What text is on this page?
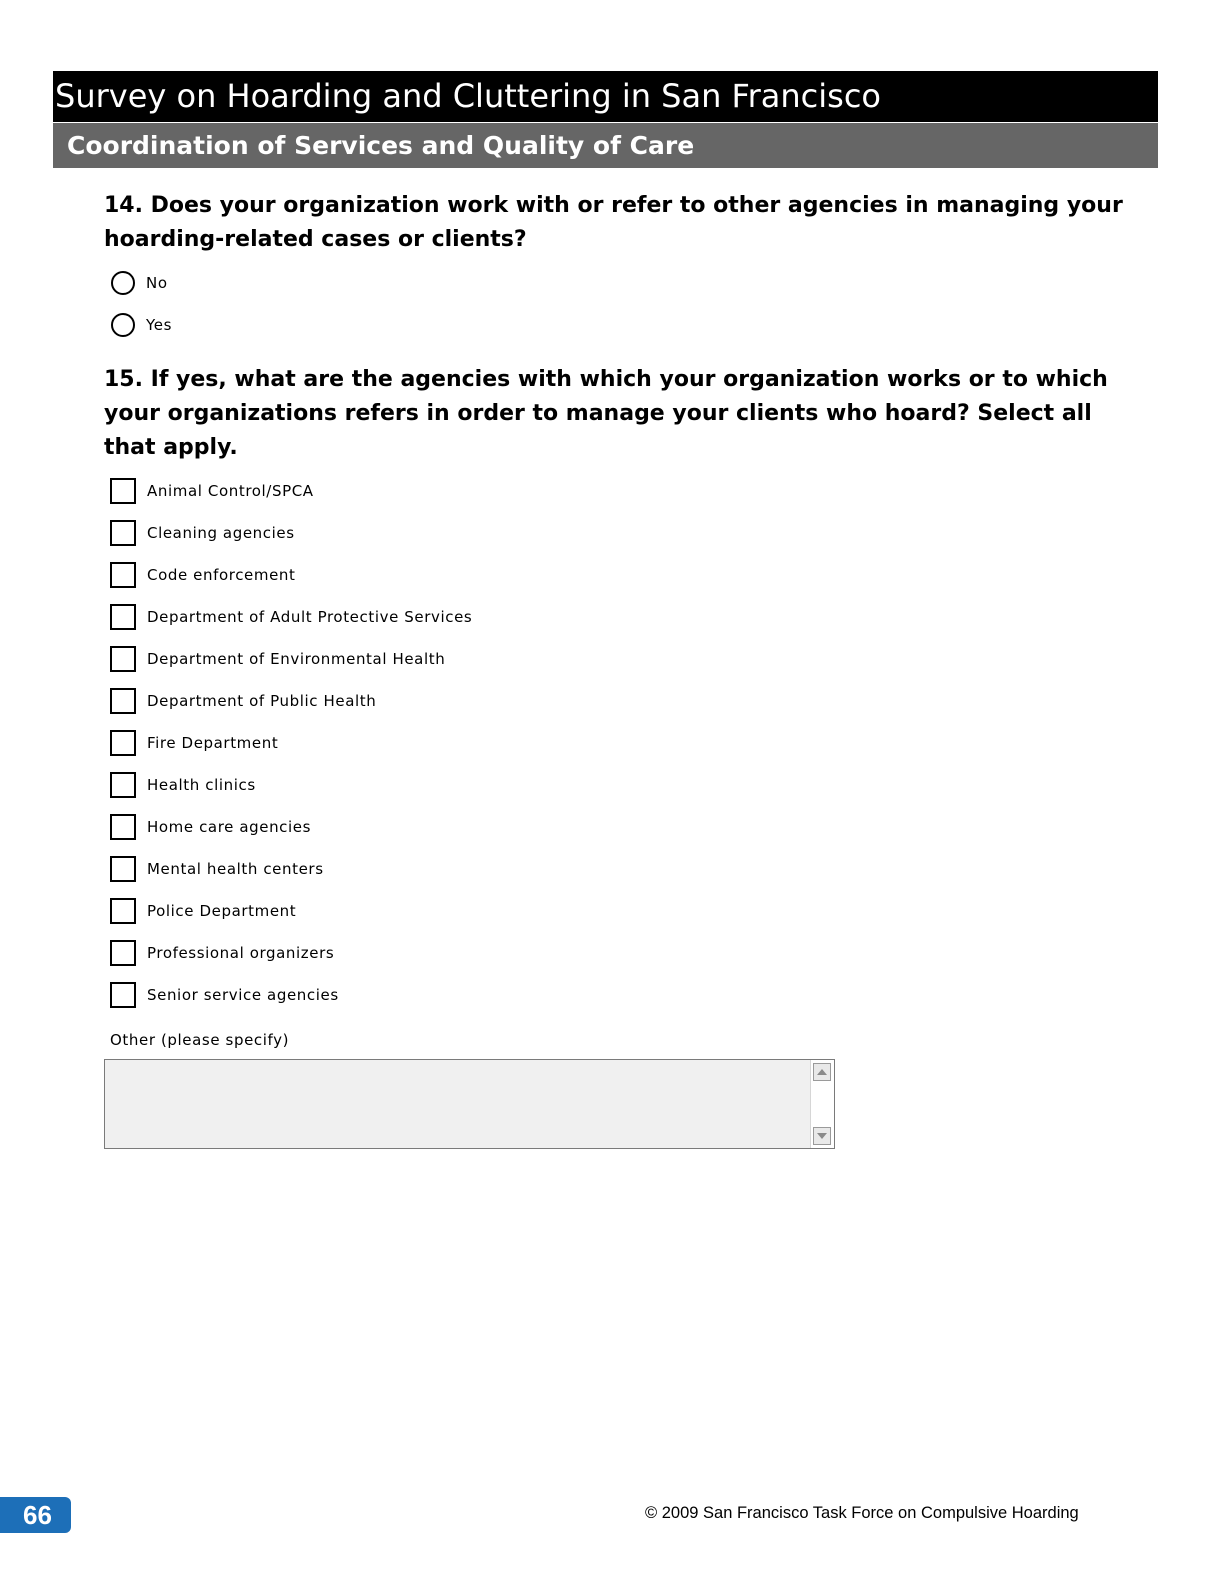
Survey on Hoarding and Cluttering in San Francisco
Coordination of Services and Quality of Care
14. Does your organization work with or refer to other agencies in managing your hoarding-related cases or clients?
No
Yes
15. If yes, what are the agencies with which your organization works or to which your organizations refers in order to manage your clients who hoard? Select all that apply.
Animal Control/SPCA
Cleaning agencies
Code enforcement
Department of Adult Protective Services
Department of Environmental Health
Department of Public Health
Fire Department
Health clinics
Home care agencies
Mental health centers
Police Department
Professional organizers
Senior service agencies
Other (please specify)
66	© 2009 San Francisco Task Force on Compulsive Hoarding
